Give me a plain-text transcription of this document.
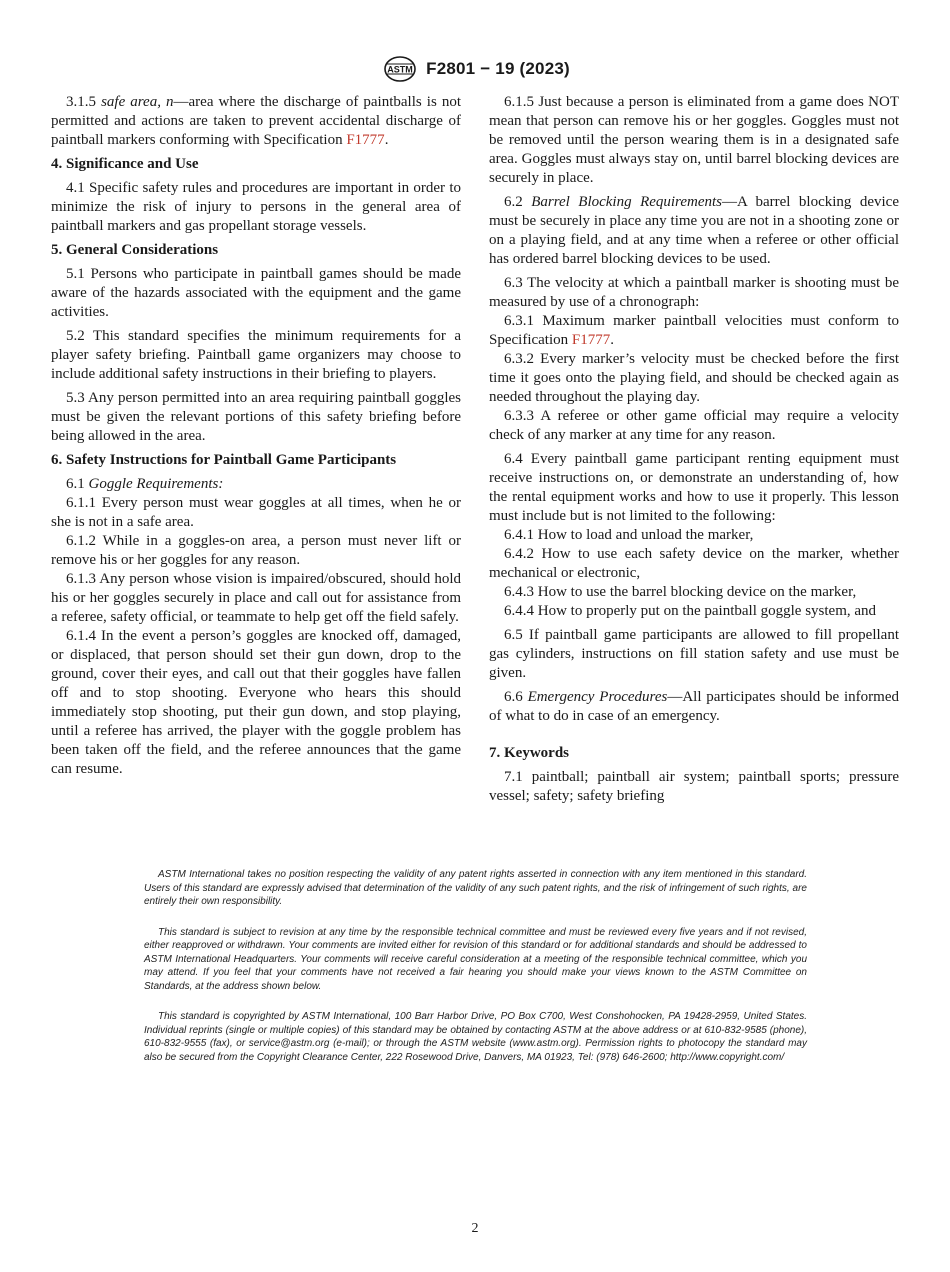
ASTM F2801 − 19 (2023)

3.1.5 safe area, n—area where the discharge of paintballs is not permitted and actions are taken to prevent accidental discharge of paintball markers conforming with Specification F1777.

4. Significance and Use

4.1 Specific safety rules and procedures are important in order to minimize the risk of injury to persons in the general area of paintball markers and gas propellant storage vessels.

5. General Considerations

5.1 Persons who participate in paintball games should be made aware of the hazards associated with the equipment and the game activities.

5.2 This standard specifies the minimum requirements for a player safety briefing. Paintball game organizers may choose to include additional safety instructions in their briefing to players.

5.3 Any person permitted into an area requiring paintball goggles must be given the relevant portions of this safety briefing before being allowed in the area.

6. Safety Instructions for Paintball Game Participants

6.1 Goggle Requirements:

6.1.1 Every person must wear goggles at all times, when he or she is not in a safe area.

6.1.2 While in a goggles-on area, a person must never lift or remove his or her goggles for any reason.

6.1.3 Any person whose vision is impaired/obscured, should hold his or her goggles securely in place and call out for assistance from a referee, safety official, or teammate to help get off the field safely.

6.1.4 In the event a person’s goggles are knocked off, damaged, or displaced, that person should set their gun down, drop to the ground, cover their eyes, and call out that their goggles have fallen off and to stop shooting. Everyone who hears this should immediately stop shooting, put their gun down, and stop playing, until a referee has arrived, the player with the goggle problem has been taken off the field, and the referee announces that the game can resume.

6.1.5 Just because a person is eliminated from a game does NOT mean that person can remove his or her goggles. Goggles must not be removed until the person wearing them is in a designated safe area. Goggles must always stay on, until barrel blocking devices are securely in place.

6.2 Barrel Blocking Requirements—A barrel blocking device must be securely in place any time you are not in a shooting zone or on a playing field, and at any time when a referee or other official has ordered barrel blocking devices to be used.

6.3 The velocity at which a paintball marker is shooting must be measured by use of a chronograph:

6.3.1 Maximum marker paintball velocities must conform to Specification F1777.

6.3.2 Every marker’s velocity must be checked before the first time it goes onto the playing field, and should be checked again as needed throughout the playing day.

6.3.3 A referee or other game official may require a velocity check of any marker at any time for any reason.

6.4 Every paintball game participant renting equipment must receive instructions on, or demonstrate an understanding of, how the rental equipment works and how to use it properly. This lesson must include but is not limited to the following:

6.4.1 How to load and unload the marker,

6.4.2 How to use each safety device on the marker, whether mechanical or electronic,

6.4.3 How to use the barrel blocking device on the marker,

6.4.4 How to properly put on the paintball goggle system, and

6.5 If paintball game participants are allowed to fill propellant gas cylinders, instructions on fill station safety and use must be given.

6.6 Emergency Procedures—All participates should be informed of what to do in case of an emergency.

7. Keywords

7.1 paintball; paintball air system; paintball sports; pressure vessel; safety; safety briefing

ASTM International takes no position respecting the validity of any patent rights asserted in connection with any item mentioned in this standard. Users of this standard are expressly advised that determination of the validity of any such patent rights, and the risk of infringement of such rights, are entirely their own responsibility.

This standard is subject to revision at any time by the responsible technical committee and must be reviewed every five years and if not revised, either reapproved or withdrawn. Your comments are invited either for revision of this standard or for additional standards and should be addressed to ASTM International Headquarters. Your comments will receive careful consideration at a meeting of the responsible technical committee, which you may attend. If you feel that your comments have not received a fair hearing you should make your views known to the ASTM Committee on Standards, at the address shown below.

This standard is copyrighted by ASTM International, 100 Barr Harbor Drive, PO Box C700, West Conshohocken, PA 19428-2959, United States. Individual reprints (single or multiple copies) of this standard may be obtained by contacting ASTM at the above address or at 610-832-9585 (phone), 610-832-9555 (fax), or service@astm.org (e-mail); or through the ASTM website (www.astm.org). Permission rights to photocopy the standard may also be secured from the Copyright Clearance Center, 222 Rosewood Drive, Danvers, MA 01923, Tel: (978) 646-2600; http://www.copyright.com/

2
